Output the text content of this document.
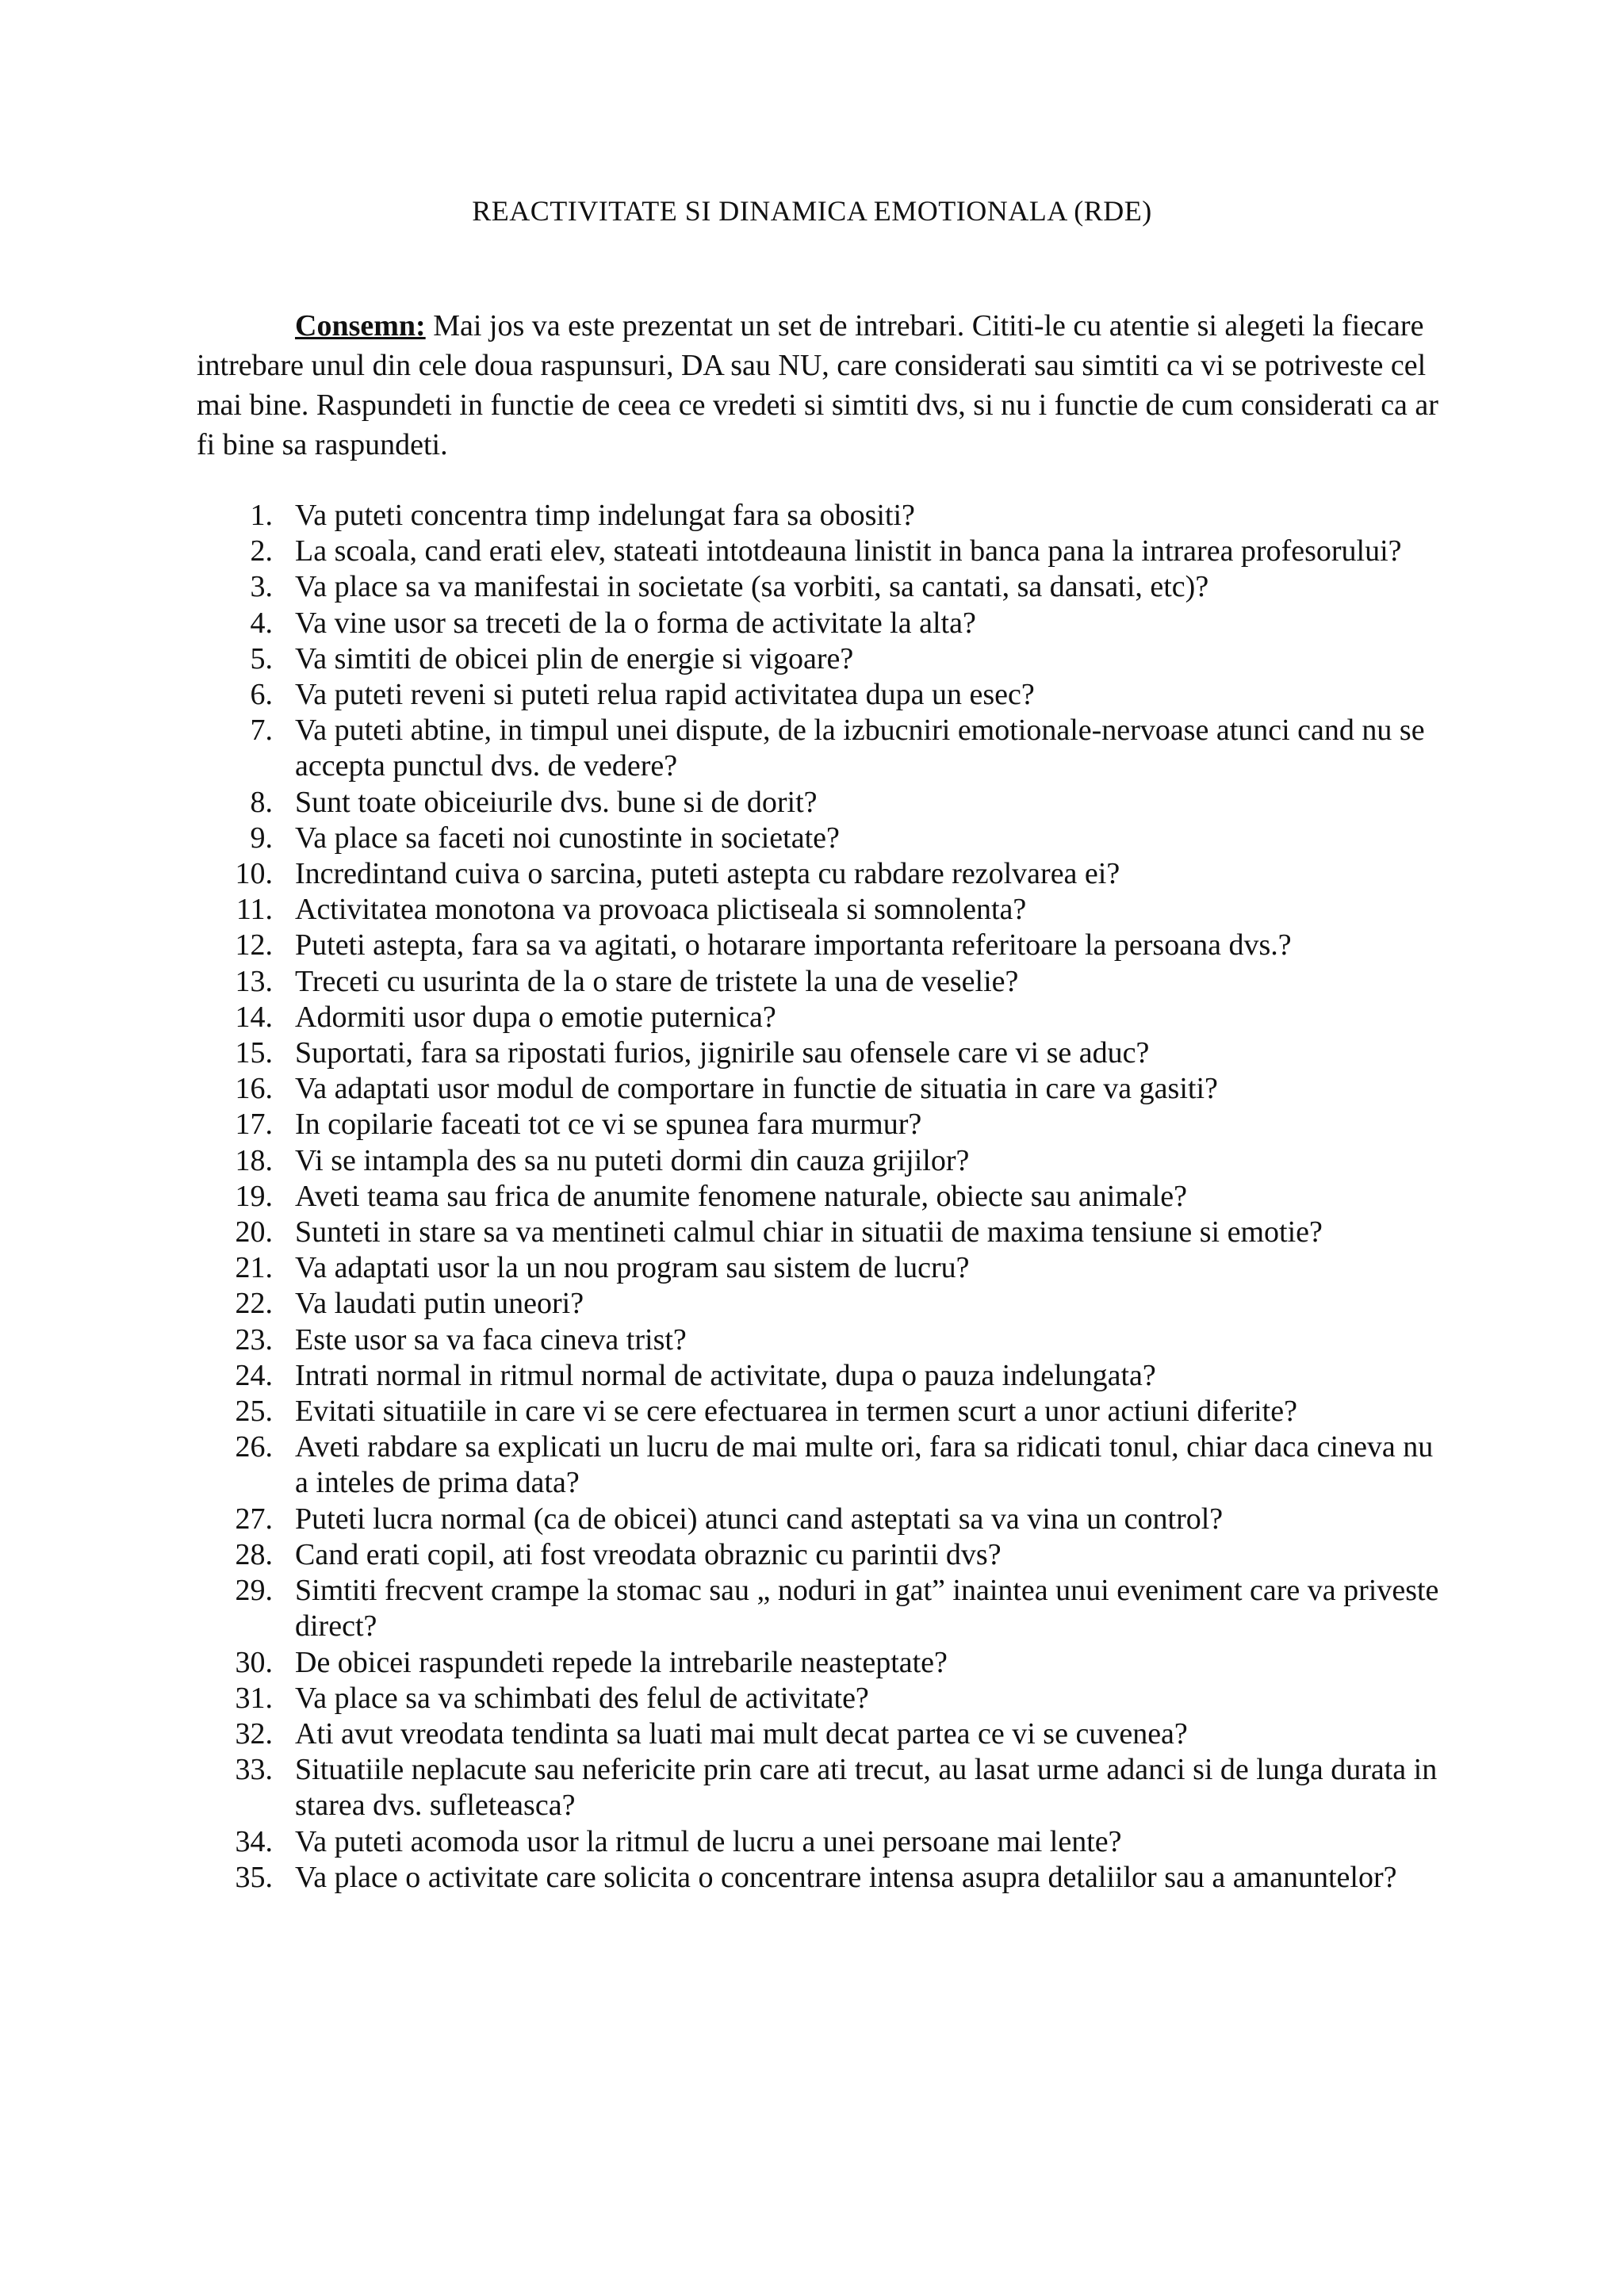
REACTIVITATE SI DINAMICA EMOTIONALA (RDE)

Consemn: Mai jos va este prezentat un set de intrebari. Cititi-le cu atentie si alegeti la fiecare intrebare unul din cele doua raspunsuri, DA sau NU, care considerati sau simtiti ca vi se potriveste cel mai bine. Raspundeti in functie de ceea ce vredeti si simtiti dvs, si nu i functie de cum considerati ca ar fi bine sa raspundeti.

1. Va puteti concentra timp indelungat fara sa obositi?
2. La scoala, cand erati elev, stateati intotdeauna linistit in banca pana la intrarea profesorului?
3. Va place sa va manifestai in societate (sa vorbiti, sa cantati, sa dansati, etc)?
4. Va vine usor sa treceti de la o forma de activitate la alta?
5. Va simtiti de obicei plin de energie si vigoare?
6. Va puteti reveni si puteti relua rapid activitatea dupa un esec?
7. Va puteti abtine, in timpul unei dispute, de la izbucniri emotionale-nervoase atunci cand nu se accepta punctul dvs. de vedere?
8. Sunt toate obiceiurile dvs. bune si de dorit?
9. Va place sa faceti noi cunostinte in societate?
10. Incredintand cuiva o sarcina, puteti astepta cu rabdare rezolvarea ei?
11. Activitatea monotona va provoaca plictiseala si somnolenta?
12. Puteti astepta, fara sa va agitati, o hotarare importanta referitoare la persoana dvs.?
13. Treceti cu usurinta de la o stare de tristete la una de veselie?
14. Adormiti usor dupa o emotie puternica?
15. Suportati, fara sa ripostati furios, jignirile sau ofensele care vi se aduc?
16. Va adaptati usor modul de comportare in functie de situatia in care va gasiti?
17. In copilarie faceati tot ce vi se spunea fara murmur?
18. Vi se intampla des sa nu puteti dormi din cauza grijilor?
19. Aveti teama sau frica de anumite fenomene naturale, obiecte sau animale?
20. Sunteti in stare sa va mentineti calmul chiar in situatii de maxima tensiune si emotie?
21. Va adaptati usor la un nou program sau sistem de lucru?
22. Va laudati putin uneori?
23. Este usor sa va faca cineva trist?
24. Intrati normal in ritmul normal de activitate, dupa o pauza indelungata?
25. Evitati situatiile in care vi se cere efectuarea in termen scurt a unor actiuni diferite?
26. Aveti rabdare sa explicati un lucru de mai multe ori, fara sa ridicati tonul, chiar daca cineva nu a inteles de prima data?
27. Puteti lucra normal (ca de obicei) atunci cand asteptati sa va vina un control?
28. Cand erati copil, ati fost vreodata obraznic cu parintii dvs?
29. Simtiti frecvent crampe la stomac sau „ noduri in gat” inaintea unui eveniment care va priveste direct?
30. De obicei raspundeti repede la intrebarile neasteptate?
31. Va place sa va schimbati des felul de activitate?
32. Ati avut vreodata tendinta sa luati mai mult decat partea ce vi se cuvenea?
33. Situatiile neplacute sau nefericite prin care ati trecut, au lasat urme adanci si de lunga durata in starea dvs. sufleteasca?
34. Va puteti acomoda usor la ritmul de lucru a unei persoane mai lente?
35. Va place o activitate care solicita o concentrare intensa asupra detaliilor sau a amanuntelor?
